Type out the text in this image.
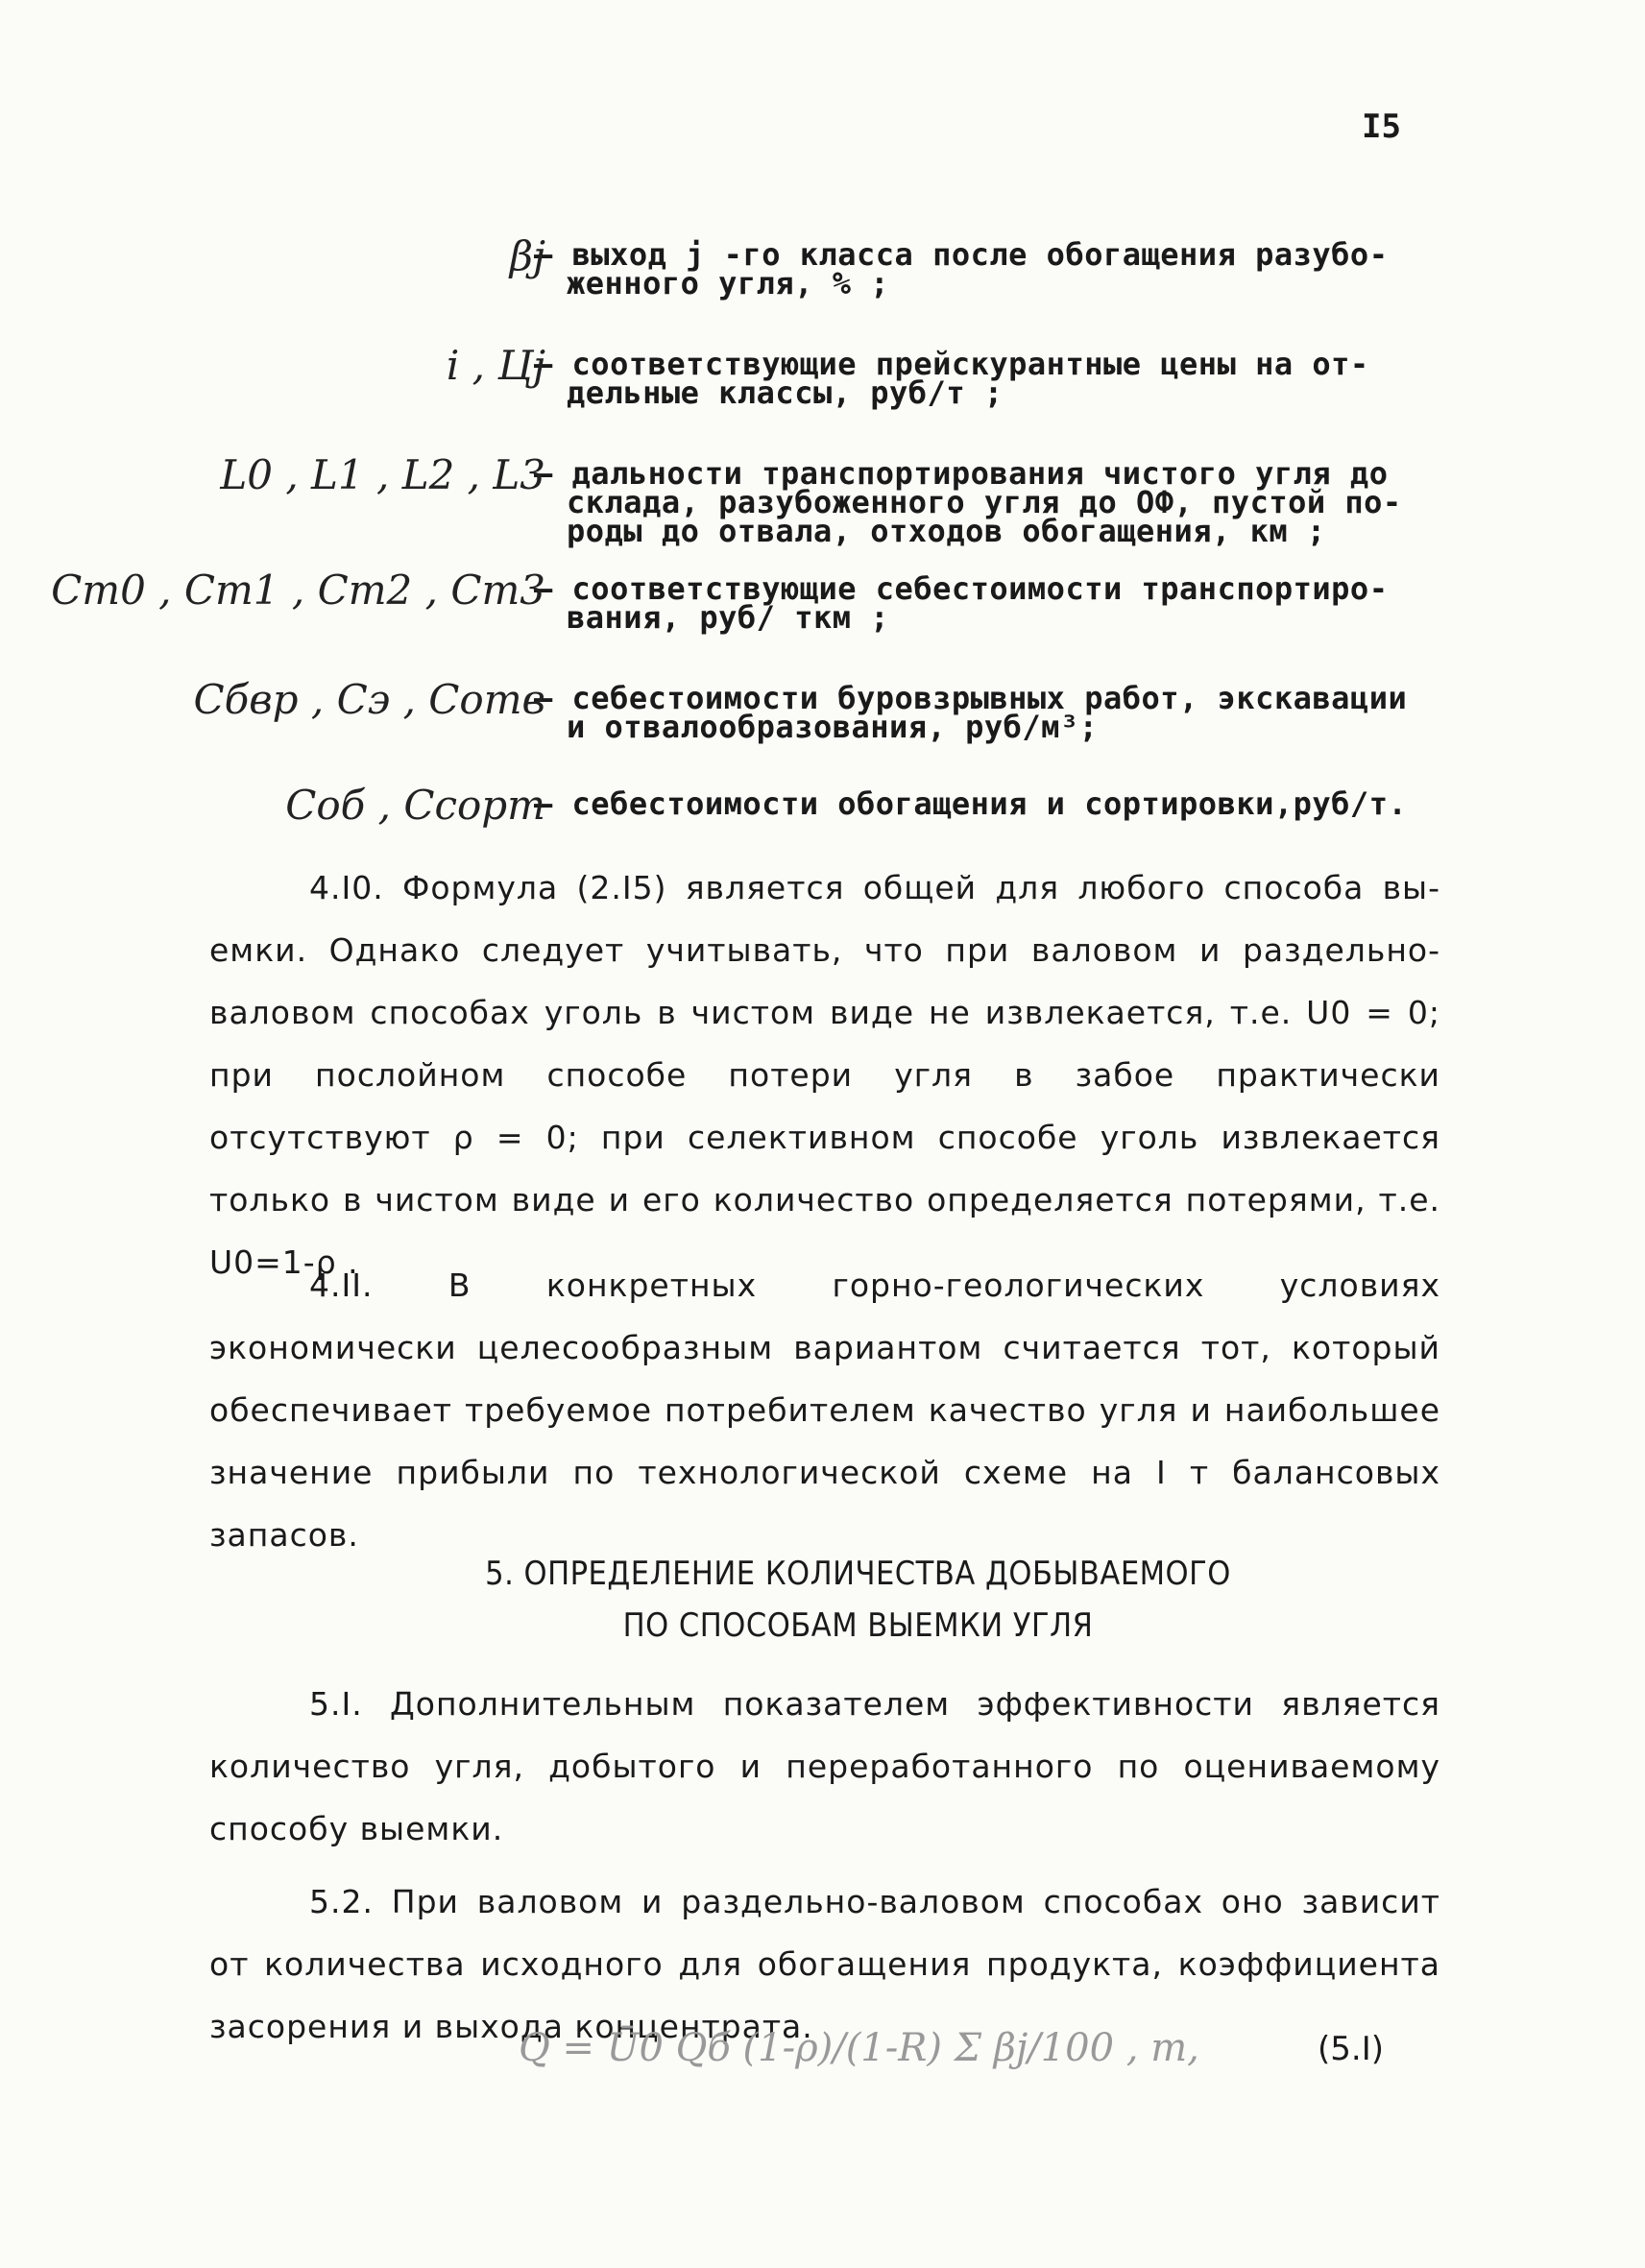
I5
βj
– выход j -го класса после обогащения разубо-
женного угля, % ;
i , Цj
– соответствующие прейскурантные цены на от-
дельные классы, руб/т ;
L0 , L1 , L2 , L3
– дальности транспортирования чистого угля до
склада, разубоженного угля до ОФ, пустой по-
роды до отвала, отходов обогащения, км ;
Cт0 , Cт1 , Cт2 , Cт3
– соответствующие себестоимости транспортиро-
вания, руб/ ткм ;
Cбвр , Cэ , Cотв
– себестоимости буровзрывных работ, экскавации
и отвалообразования, руб/м³;
Cоб , Cсорт
– себестоимости обогащения и сортировки,руб/т.

4.I0. Формула (2.I5) является общей для любого способа вы-емки. Однако следует учитывать, что при валовом и раздельно-валовом способах уголь в чистом виде не извлекается, т.е. U0 = 0; при послойном способе потери угля в забое практически отсутствуют ρ = 0; при селективном способе уголь извлекается только в чистом виде и его количество определяется потерями, т.е. U0=1-ρ .

4.II. В конкретных горно-геологических условиях экономически целесообразным вариантом считается тот, который обеспечивает требуемое потребителем качество угля и наибольшее значение прибыли по технологической схеме на I т балансовых запасов.

5. ОПРЕДЕЛЕНИЕ КОЛИЧЕСТВА ДОБЫВАЕМОГО
ПО СПОСОБАМ ВЫЕМКИ УГЛЯ

5.I. Дополнительным показателем эффективности является количество угля, добытого и переработанного по оцениваемому способу выемки.

5.2. При валовом и раздельно-валовом способах оно зависит от количества исходного для обогащения продукта, коэффициента засорения и выхода концентрата.

Q = Ū0 Qб (1-ρ)/(1-R) Σ βj/100 , т,	(5.I)
